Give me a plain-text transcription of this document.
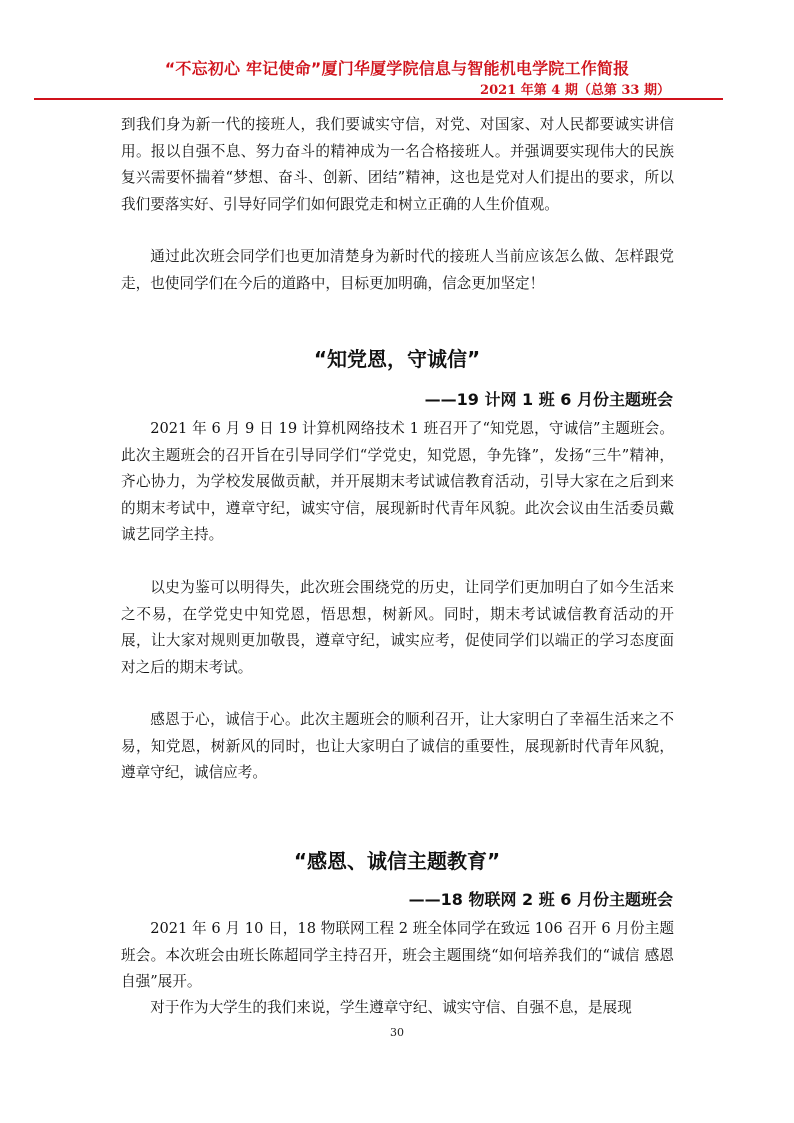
“不忘初心 牢记使命”厦门华厦学院信息与智能机电学院工作简报
2021 年第 4 期（总第 33 期）

到我们身为新一代的接班人，我们要诚实守信，对党、对国家、对人民都要诚实讲信用。报以自强不息、努力奋斗的精神成为一名合格接班人。并强调要实现伟大的民族复兴需要怀揣着“梦想、奋斗、创新、团结”精神，这也是党对人们提出的要求，所以我们要落实好、引导好同学们如何跟党走和树立正确的人生价值观。

通过此次班会同学们也更加清楚身为新时代的接班人当前应该怎么做、怎样跟党走，也使同学们在今后的道路中，目标更加明确，信念更加坚定！

“知党恩，守诚信”
——19 计网 1 班 6 月份主题班会

2021 年 6 月 9 日 19 计算机网络技术 1 班召开了“知党恩，守诚信”主题班会。此次主题班会的召开旨在引导同学们“学党史，知党恩，争先锋”，发扬“三牛”精神，齐心协力，为学校发展做贡献，并开展期末考试诚信教育活动，引导大家在之后到来的期末考试中，遵章守纪，诚实守信，展现新时代青年风貌。此次会议由生活委员戴诚艺同学主持。

以史为鉴可以明得失，此次班会围绕党的历史，让同学们更加明白了如今生活来之不易，在学党史中知党恩，悟思想，树新风。同时，期末考试诚信教育活动的开展，让大家对规则更加敬畏，遵章守纪，诚实应考，促使同学们以端正的学习态度面对之后的期末考试。

感恩于心，诚信于心。此次主题班会的顺利召开，让大家明白了幸福生活来之不易，知党恩，树新风的同时，也让大家明白了诚信的重要性，展现新时代青年风貌，遵章守纪，诚信应考。

“感恩、诚信主题教育”
——18 物联网 2 班 6 月份主题班会

2021 年 6 月 10 日，18 物联网工程 2 班全体同学在致远 106 召开 6 月份主题班会。本次班会由班长陈超同学主持召开，班会主题围绕“如何培养我们的“诚信 感恩 自强”展开。

对于作为大学生的我们来说，学生遵章守纪、诚实守信、自强不息，是展现

30
